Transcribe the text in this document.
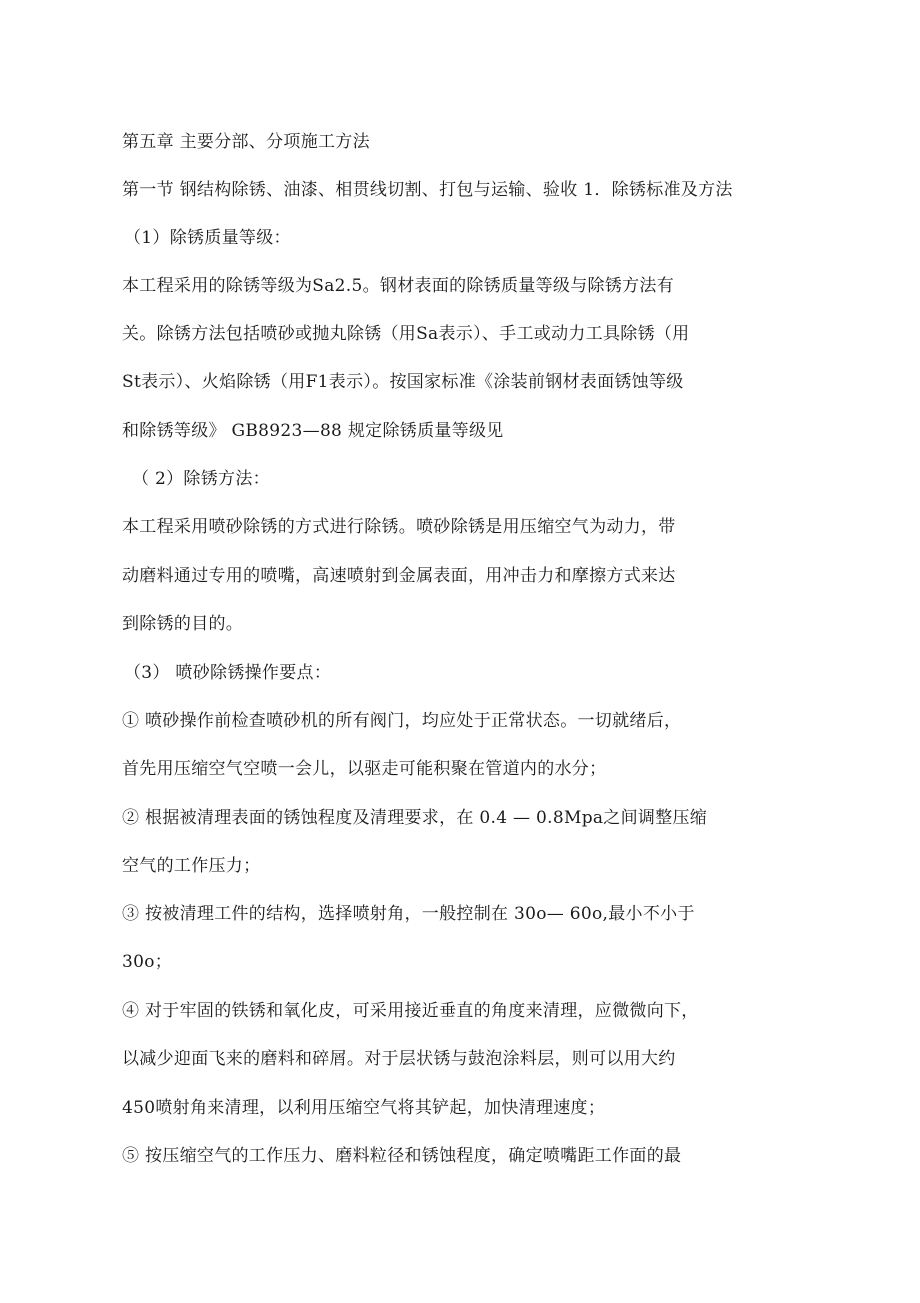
第五章 主要分部、分项施工方法
第一节 钢结构除锈、油漆、相贯线切割、打包与运输、验收 1．除锈标准及方法
（1）除锈质量等级：
本工程采用的除锈等级为Sa2.5。钢材表面的除锈质量等级与除锈方法有
关。除锈方法包括喷砂或抛丸除锈（用Sa表示）、手工或动力工具除锈（用
St表示）、火焰除锈（用F1表示）。按国家标准《涂装前钢材表面锈蚀等级
和除锈等级》 GB8923—88 规定除锈质量等级见
（ 2）除锈方法：
本工程采用喷砂除锈的方式进行除锈。喷砂除锈是用压缩空气为动力，带
动磨料通过专用的喷嘴，高速喷射到金属表面，用冲击力和摩擦方式来达
到除锈的目的。
（3） 喷砂除锈操作要点：
① 喷砂操作前检查喷砂机的所有阀门，均应处于正常状态。一切就绪后，
首先用压缩空气空喷一会儿，以驱走可能积聚在管道内的水分；
② 根据被清理表面的锈蚀程度及清理要求，在 0.4 — 0.8Mpa之间调整压缩
空气的工作压力；
③ 按被清理工件的结构，选择喷射角，一般控制在 30o— 60o,最小不小于
30o；
④ 对于牢固的铁锈和氧化皮，可采用接近垂直的角度来清理，应微微向下，
以减少迎面飞来的磨料和碎屑。对于层状锈与鼓泡涂料层，则可以用大约
450喷射角来清理，以利用压缩空气将其铲起，加快清理速度；
⑤ 按压缩空气的工作压力、磨料粒径和锈蚀程度，确定喷嘴距工作面的最
